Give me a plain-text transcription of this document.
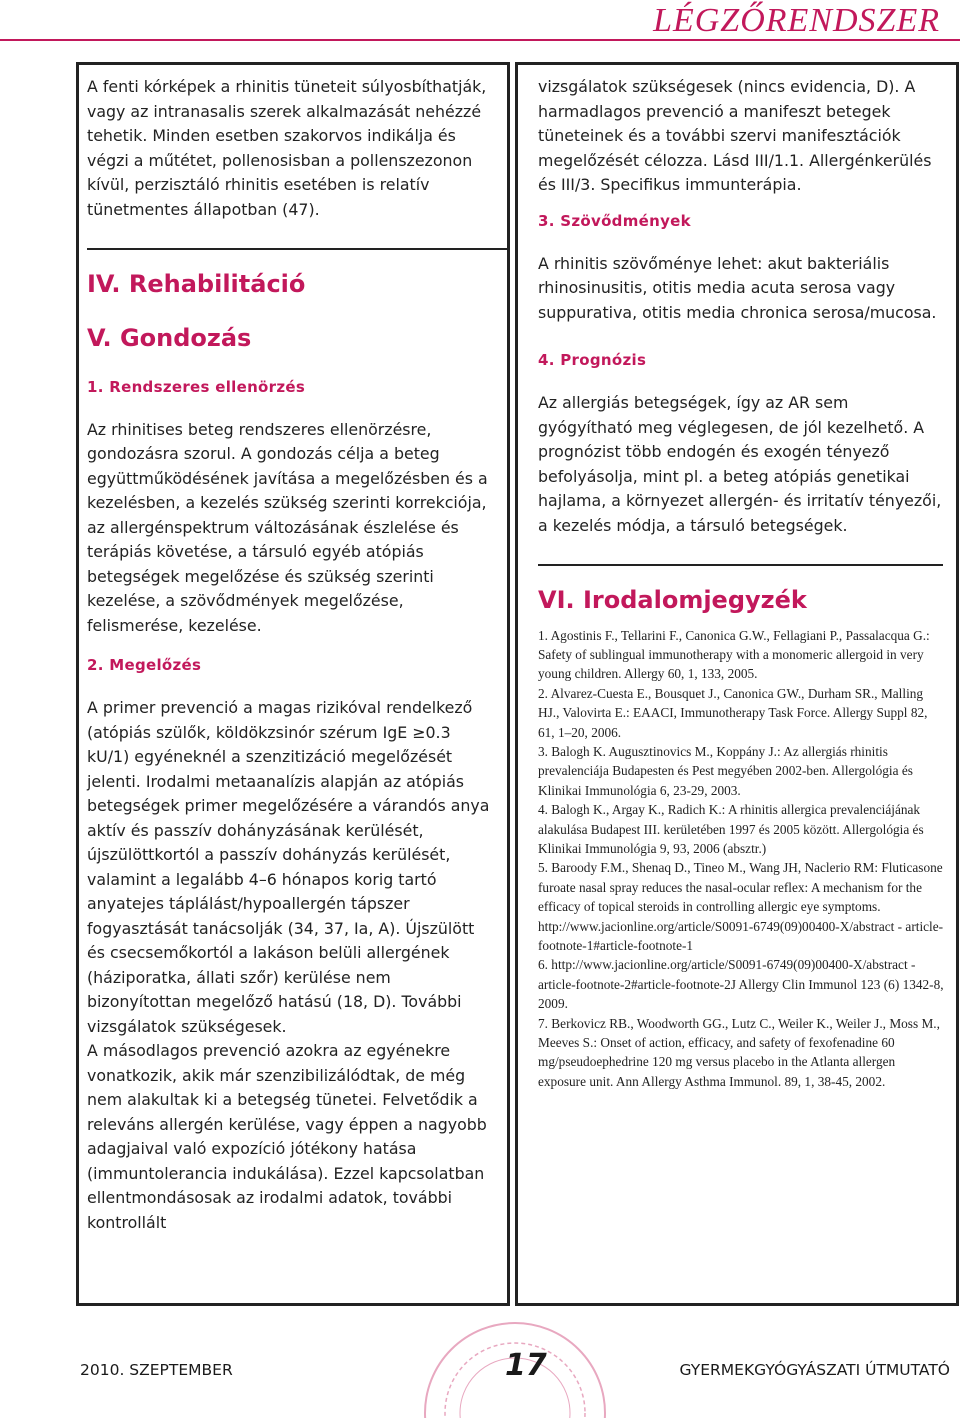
LÉGZŐRENDSZER

A fenti kórképek a rhinitis tüneteit súlyosbíthatják, vagy az intranasalis szerek alkalmazását nehézzé tehetik. Minden esetben szakorvos indikálja és végzi a műtétet, pollenosisban a pollenszezonon kívül, perzisztáló rhinitis esetében is relatív tünetmentes állapotban (47).

IV. Rehabilitáció
V. Gondozás
1. Rendszeres ellenörzés

Az rhinitises beteg rendszeres ellenörzésre, gondozásra szorul. A gondozás célja a beteg együttműködésének javítása a megelőzésben és a kezelésben, a kezelés szükség szerinti korrekciója, az allergénspektrum változásának észlelése és terápiás követése, a társuló egyéb atópiás betegségek megelőzése és szükség szerinti kezelése, a szövődmények megelőzése, felismerése, kezelése.

2. Megelőzés

A primer prevenció a magas rizikóval rendelkező (atópiás szülők, köldökzsinór szérum IgE ≥0.3 kU/1) egyéneknél a szenzitizáció megelőzését jelenti. Irodalmi metaanalízis alapján az atópiás betegségek primer megelőzésére a várandós anya aktív és passzív dohányzásának kerülését, újszülöttkortól a passzív dohányzás kerülését, valamint a legalább 4–6 hónapos korig tartó anyatejes táplálást/hypoallergén tápszer fogyasztását tanácsolják (34, 37, Ia, A). Újszülött és csecsemőkortól a lakáson belüli allergének (háziporatka, állati szőr) kerülése nem bizonyítottan megelőző hatású (18, D). További vizsgálatok szükségesek.

A másodlagos prevenció azokra az egyénekre vonatkozik, akik már szenzibilizálódtak, de még nem alakultak ki a betegség tünetei. Felvetődik a releváns allergén kerülése, vagy éppen a nagyobb adagjaival való expozíció jótékony hatása (immuntolerancia indukálása). Ezzel kapcsolatban ellentmondásosak az irodalmi adatok, további kontrollált

vizsgálatok szükségesek (nincs evidencia, D). A harmadlagos prevenció a manifeszt betegek tüneteinek és a további szervi manifesztációk megelőzését célozza. Lásd III/1.1. Allergénkerülés és III/3. Specifikus immunterápia.

3. Szövődmények

A rhinitis szövőménye lehet: akut bakteriális rhinosinusitis, otitis media acuta serosa vagy suppurativa, otitis media chronica serosa/mucosa.

4. Prognózis

Az allergiás betegségek, így az AR sem gyógyítható meg véglegesen, de jól kezelhető. A prognózist több endogén és exogén tényező befolyásolja, mint pl. a beteg atópiás genetikai hajlama, a környezet allergén- és irritatív tényezői, a kezelés módja, a társuló betegségek.

VI. Irodalomjegyzék

1. Agostinis F., Tellarini F., Canonica G.W., Fellagiani P., Passalacqua G.: Safety of sublingual immunotherapy with a monomeric allergoid in very young children. Allergy 60, 1, 133, 2005.

2. Alvarez-Cuesta E., Bousquet J., Canonica GW., Durham SR., Malling HJ., Valovirta E.: EAACI, Immunotherapy Task Force. Allergy Suppl 82, 61, 1–20, 2006.

3. Balogh K. Augusztinovics M., Koppány J.: Az allergiás rhinitis prevalenciája Budapesten és Pest megyében 2002-ben. Allergológia és Klinikai Immunológia 6, 23-29, 2003.

4. Balogh K., Argay K., Radich K.: A rhinitis allergica prevalenciájának alakulása Budapest III. kerületében 1997 és 2005 között. Allergológia és Klinikai Immunológia 9, 93, 2006 (absztr.)

5. Baroody F.M., Shenaq D., Tineo M., Wang JH, Naclerio RM: Fluticasone furoate nasal spray reduces the nasal-ocular reflex: A mechanism for the efficacy of topical steroids in controlling allergic eye symptoms. http://www.jacionline.org/article/S0091-6749(09)00400-X/abstract - article-footnote-1#article-footnote-1

6. http://www.jacionline.org/article/S0091-6749(09)00400-X/abstract - article-footnote-2#article-footnote-2J Allergy Clin Immunol 123 (6) 1342-8, 2009.

7. Berkovicz RB., Woodworth GG., Lutz C., Weiler K., Weiler J., Moss M., Meeves S.: Onset of action, efficacy, and safety of fexofenadine 60 mg/pseudoephedrine 120 mg versus placebo in the Atlanta allergen exposure unit. Ann Allergy Asthma Immunol. 89, 1, 38-45, 2002.

2010. SZEPTEMBER	17	GYERMEKGYÓGYÁSZATI ÚTMUTATÓ
